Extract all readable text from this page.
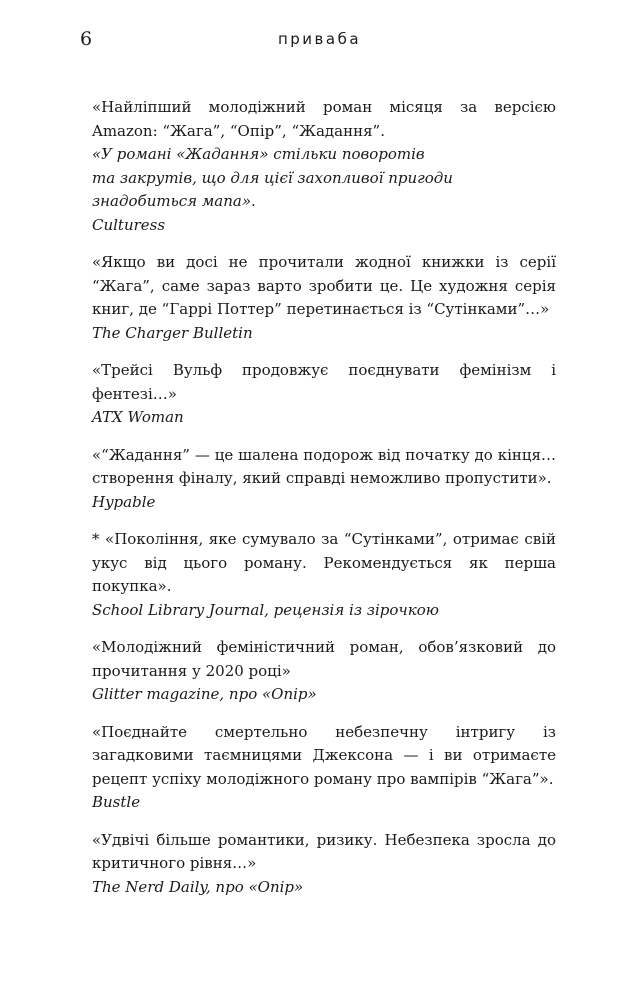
6	привaба

«Найліпший молодіжний роман місяця за версією Amazon: “Жага”, “Опір”, “Жадання”.

«У романі «Жадання» стільки поворотів

та закрутів, що для цієї захопливої пригоди

знадобиться мапа».

Culturess

«Якщо ви досі не прочитали жодної книжки із серії “Жага”, саме зараз варто зробити це. Це художня серія книг, де “Гаррі Поттер” перетинається із “Сутінками”…»

The Charger Bulletin

«Трейсі Вульф продовжує поєднувати фемінізм і фентезі…»

ATX Woman

«“Жадання” — це шалена подорож від початку до кінця… створення фіналу, який справді неможливо пропустити».

Hypable

* «Покоління, яке сумувало за “Сутінками”, отримає свій укус від цього роману. Рекомендується як перша покупка».

School Library Journal, рецензія із зірочкою

«Молодіжний феміністичний роман, обов’язковий до прочитання у 2020 році»

Glitter magazine, про «Опір»

«Поєднайте смертельно небезпечну інтригу із загадковими таємницями Джексона — і ви отримаєте рецепт успіху молодіжного роману про вампірів “Жага”».

Bustle

«Удвічі більше романтики, ризику. Небезпека зросла до критичного рівня…»

The Nerd Daily, про «Опір»
